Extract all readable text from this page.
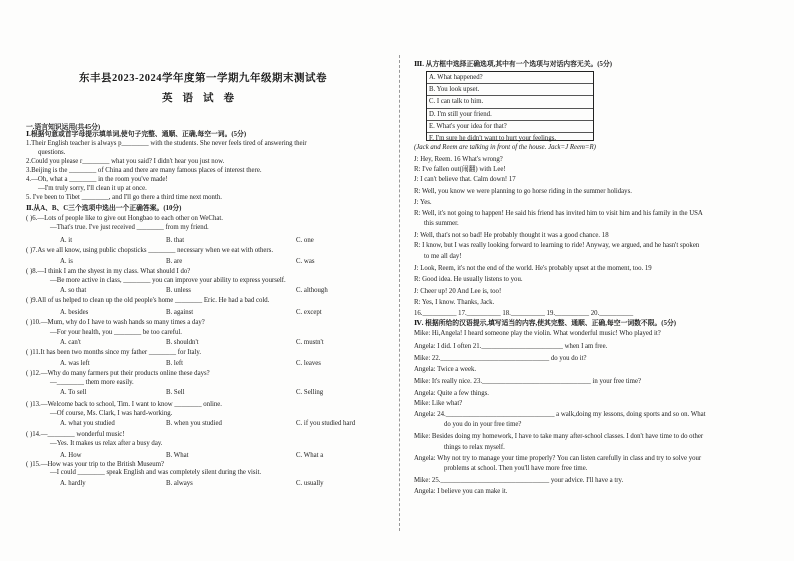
东丰县2023-2024学年度第一学期九年级期末测试卷
英语试卷
一.语言知识运用(共45分)
Ⅰ.根据句意或首字母提示填单词,使句子完整、通顺、正确,每空一词。(5分)
1.Their English teacher is always p________ with the students. She never feels tired of answering their
questions.
2.Could you please r________ what you said? I didn't hear you just now.
3.Beijing is the ________ of China and there are many famous places of interest there.
4.—Oh, what a ________ in the room you've made!
—I'm truly sorry, I'll clean it up at once.
5. I've been to Tibet ________, and I'll go there a third time next month.
Ⅱ.从A、B、C三个选项中选出一个正确答案。(10分)
( )6.—Lots of people like to give out Hongbao to each other on WeChat.
—That's true. I've just received ________ from my friend.
( )7.As we all know, using public chopsticks ________ necessary when we eat with others.
( )8.—I think I am the shyest in my class. What should I do?
—Be more active in class, ________ you can improve your ability to express yourself.
( )9.All of us helped to clean up the old people's home ________ Eric. He had a bad cold.
( )10.—Mum, why do I have to wash hands so many times a day?
—For your health, you ________ be too careful.
( )11.It has been two months since my father ________ for Italy.
( )12.—Why do many farmers put their products online these days?
—________ them more easily.
( )13.—Welcome back to school, Tim. I want to know ________ online.
—Of course, Ms. Clark, I was hard-working.
( )14.—________ wonderful music!
—Yes. It makes us relax after a busy day.
( )15.—How was your trip to the British Museum?
—I could ________ speak English and was completely silent during the visit.
A. it	B. that	C. one
A. is	B. are	C. was
A. so that	B. unless	C. although
A. besides	B. against	C. except
A. can't	B. shouldn't	C. mustn't
A. was left	B. left	C. leaves
A. To sell	B. Sell	C. Selling
A. what you studied	B. when you studied	C. if you studied hard
A. How	B. What	C. What a
A. hardly	B. always	C. usually
Ⅲ. 从方框中选择正确选项,其中有一个选项与对话内容无关。(5分)
A. What happened?
B. You look upset.
C. I can talk to him.
D. I'm still your friend.
E. What's your idea for that?
F. I'm sure he didn't want to hurt your feelings.
(Jack and Reem are talking in front of the house. Jack=J Reem=R)
J: Hey, Reem. 16 What's wrong?
R: I've fallen out(闹翻) with Lee!
J: I can't believe that. Calm down! 17
R: Well, you know we were planning to go horse riding in the summer holidays.
J: Yes.
R: Well, it's not going to happen! He said his friend has invited him to visit him and his family in the USA
this summer.
J: Well, that's not so bad! He probably thought it was a good chance. 18
R: I know, but I was really looking forward to learning to ride! Anyway, we argued, and he hasn't spoken
to me all day!
J: Look, Reem, it's not the end of the world. He's probably upset at the moment, too. 19
R: Good idea. He usually listens to you.
J: Cheer up! 20 And Lee is, too!
R: Yes, I know. Thanks, Jack.
16.__________ 17.__________ 18.__________ 19.__________ 20.__________
Ⅳ. 根据所给的汉语提示,填写适当的内容,使其完整、通顺、正确,每空一词数不限。(5分)
Mike: Hi,Angela! I heard someone play the violin. What wonderful music! Who played it?
Angela: I did. I often 21.________________________ when I am free.
Mike: 22.________________________________ do you do it?
Angela: Twice a week.
Mike: It's really nice. 23.________________________________ in your free time?
Angela: Quite a few things.
Mike: Like what?
Angela: 24.________________________________ a walk,doing my lessons, doing sports and so on. What
do you do in your free time?
Mike: Besides doing my homework, I have to take many after-school classes. I don't have time to do other
things to relax myself.
Angela: Why not try to manage your time properly? You can listen carefully in class and try to solve your
problems at school. Then you'll have more free time.
Mike: 25.________________________________ your advice. I'll have a try.
Angela: I believe you can make it.
